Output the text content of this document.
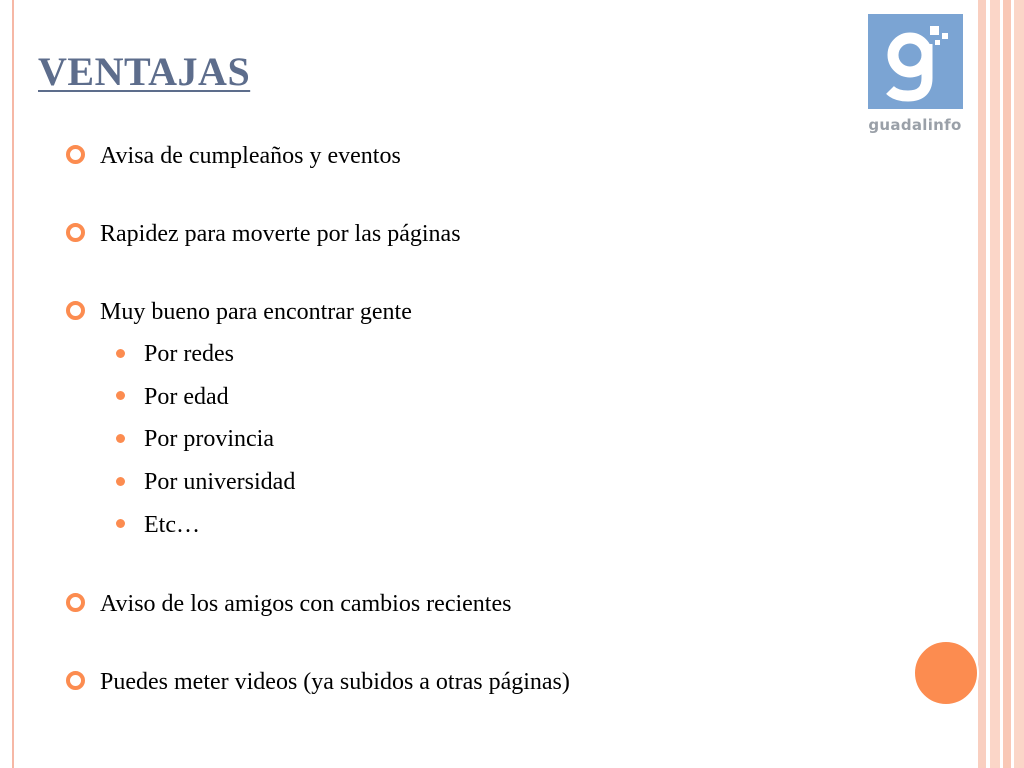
VENTAJAS
guadalinfo
Avisa de cumpleaños y eventos
Rapidez para moverte por las páginas
Muy bueno para encontrar gente
Por redes
Por edad
Por provincia
Por universidad
Etc…
Aviso de los amigos con cambios recientes
Puedes meter videos (ya subidos a otras páginas)
